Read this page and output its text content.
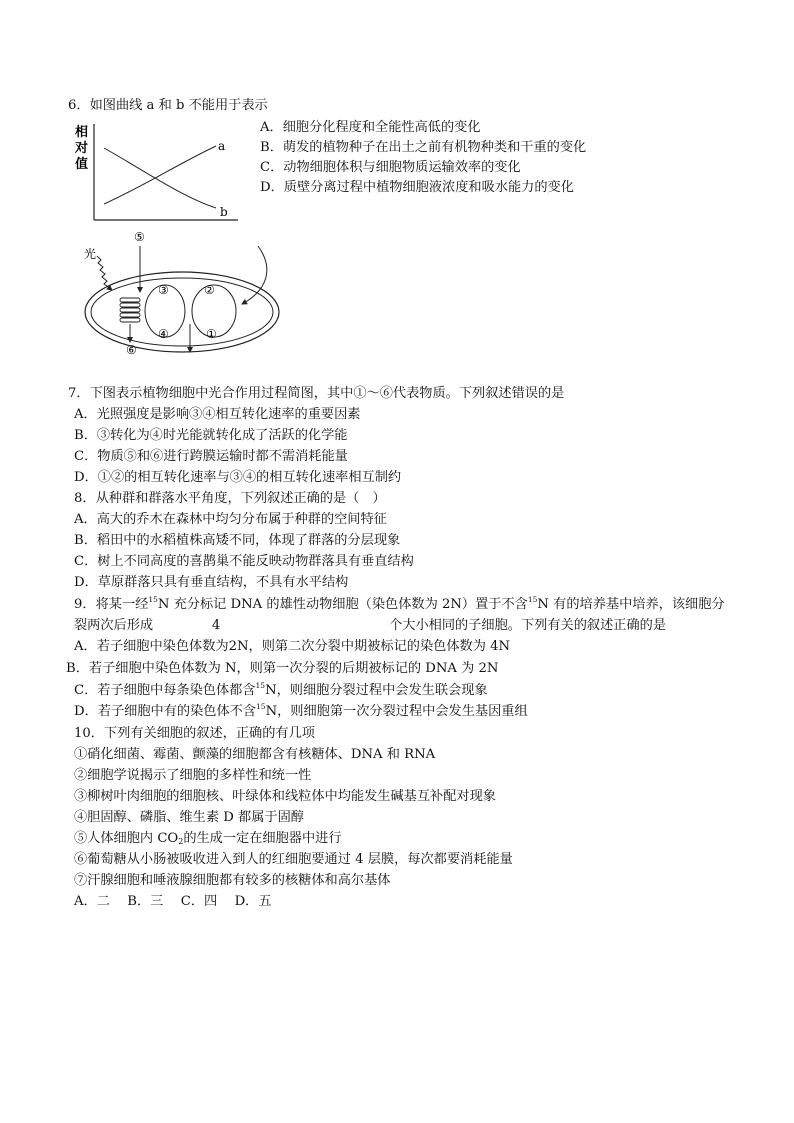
6．如图曲线 a 和 b 不能用于表示
相
对
值
a
b
A．细胞分化程度和全能性高低的变化
B．萌发的植物种子在出土之前有机物种类和干重的变化
C．动物细胞体积与细胞物质运输效率的变化
D．质壁分离过程中植物细胞液浓度和吸水能力的变化
光
⑤
⑥
③
④
②
①
7．下图表示植物细胞中光合作用过程简图，其中①～⑥代表物质。下列叙述错误的是
A．光照强度是影响③④相互转化速率的重要因素
B．③转化为④时光能就转化成了活跃的化学能
C．物质⑤和⑥进行跨膜运输时都不需消耗能量
D．①②的相互转化速率与③④的相互转化速率相互制约
8．从种群和群落水平角度，下列叙述正确的是（　）
A．高大的乔木在森林中均匀分布属于种群的空间特征
B．稻田中的水稻植株高矮不同，体现了群落的分层现象
C．树上不同高度的喜鹊巢不能反映动物群落具有垂直结构
D．草原群落只具有垂直结构，不具有水平结构
9．将某一经$^{15}$N 充分标记 DNA 的雄性动物细胞（染色体数为 2N）置于不含$^{15}$N 有的培养基中培养，该细胞分
裂两次后形成	4	个大小相同的子细胞。下列有关的叙述正确的是
A．若子细胞中染色体数为2N，则第二次分裂中期被标记的染色体数为 4N
B．若子细胞中染色体数为 N，则第一次分裂的后期被标记的 DNA 为 2N
C．若子细胞中每条染色体都含$^{15}$N，则细胞分裂过程中会发生联会现象
D．若子细胞中有的染色体不含$^{15}$N，则细胞第一次分裂过程中会发生基因重组
10．下列有关细胞的叙述，正确的有几项
①硝化细菌、霉菌、颤藻的细胞都含有核糖体、DNA 和 RNA
②细胞学说揭示了细胞的多样性和统一性
③柳树叶肉细胞的细胞核、叶绿体和线粒体中均能发生碱基互补配对现象
④胆固醇、磷脂、维生素 D 都属于固醇
⑤人体细胞内 $CO_2$的生成一定在细胞器中进行
⑥葡萄糖从小肠被吸收进入到人的红细胞要通过 4 层膜，每次都要消耗能量
⑦汗腺细胞和唾液腺细胞都有较多的核糖体和高尔基体
A．二　 B．三　 C．四　 D．五
